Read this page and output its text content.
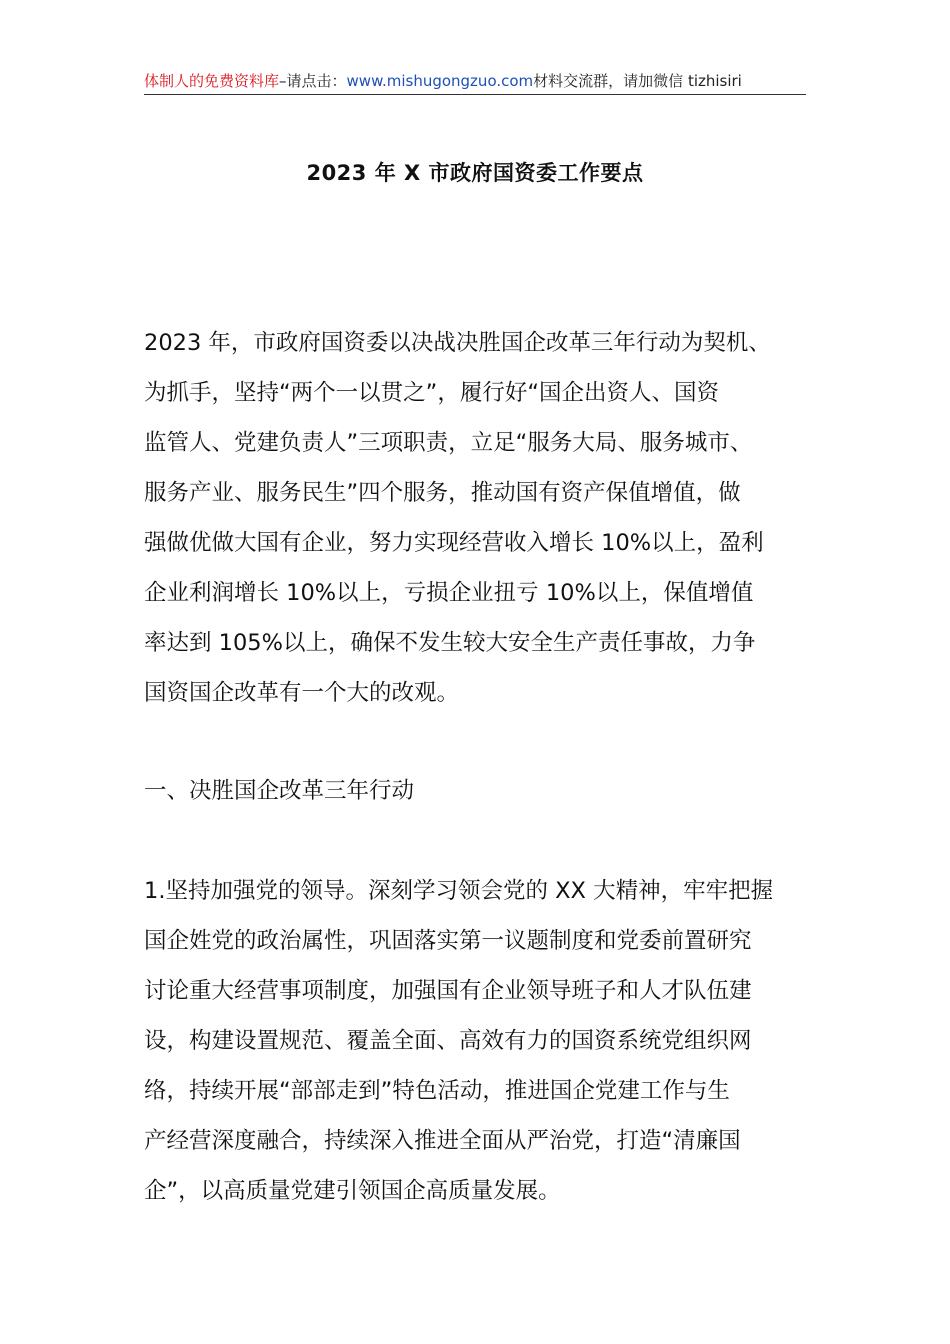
体制人的免费资料库–请点击：www.mishugongzuo.com材料交流群，请加微信 tizhisiri
2023 年 X 市政府国资委工作要点

2023 年，市政府国资委以决战决胜国企改革三年行动为契机、
为抓手，坚持“两个一以贯之”，履行好“国企出资人、国资
监管人、党建负责人”三项职责，立足“服务大局、服务城市、
服务产业、服务民生”四个服务，推动国有资产保值增值，做
强做优做大国有企业，努力实现经营收入增长 10%以上，盈利
企业利润增长 10%以上，亏损企业扭亏 10%以上，保值增值
率达到 105%以上，确保不发生较大安全生产责任事故，力争
国资国企改革有一个大的改观。

一、决胜国企改革三年行动

1.坚持加强党的领导。深刻学习领会党的 XX 大精神，牢牢把握
国企姓党的政治属性，巩固落实第一议题制度和党委前置研究
讨论重大经营事项制度，加强国有企业领导班子和人才队伍建
设，构建设置规范、覆盖全面、高效有力的国资系统党组织网
络，持续开展“部部走到”特色活动，推进国企党建工作与生
产经营深度融合，持续深入推进全面从严治党，打造“清廉国
企”，以高质量党建引领国企高质量发展。
